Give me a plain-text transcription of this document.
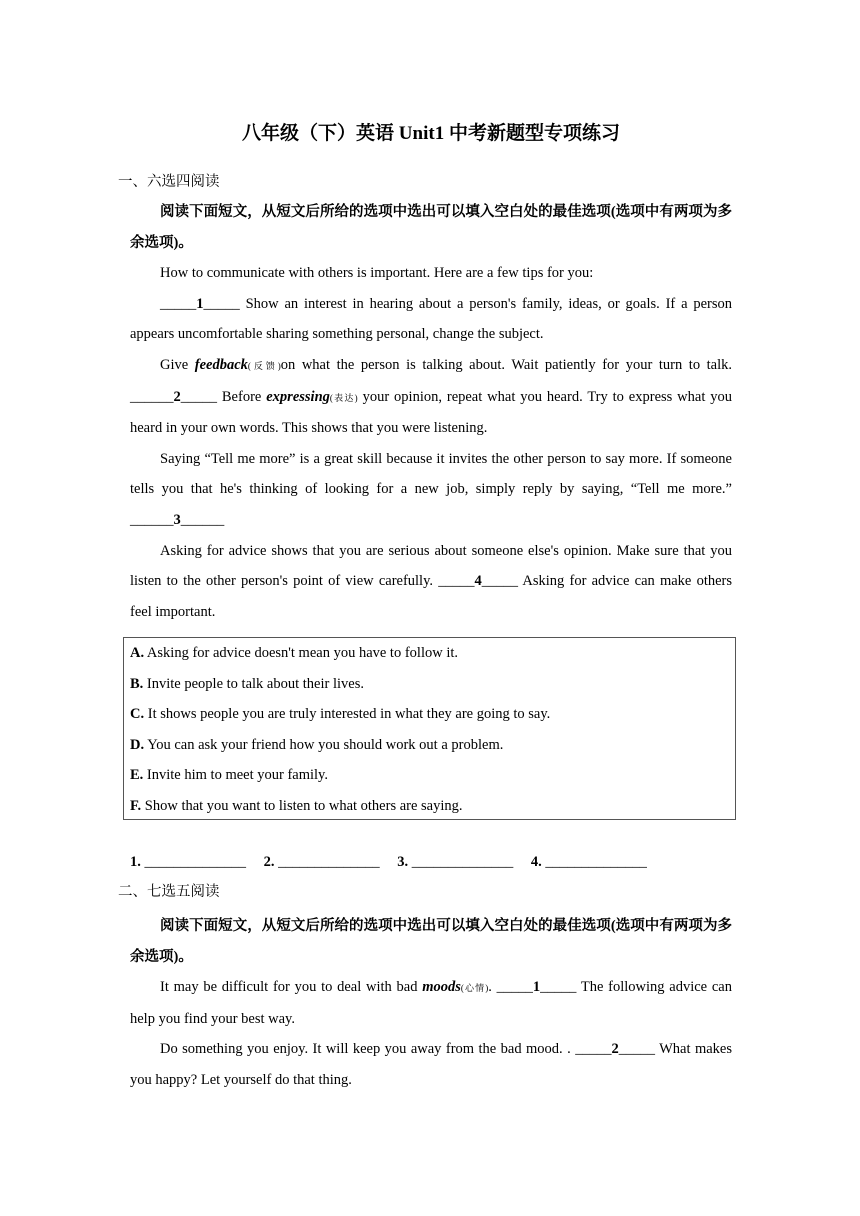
八年级（下）英语 Unit1 中考新题型专项练习

一、六选四阅读

阅读下面短文，从短文后所给的选项中选出可以填入空白处的最佳选项(选项中有两项为多余选项)。

How to communicate with others is important. Here are a few tips for you:

_____1_____ Show an interest in hearing about a person's family, ideas, or goals. If a person appears uncomfortable sharing something personal, change the subject.

Give feedback(反馈)on what the person is talking about. Wait patiently for your turn to talk. ______2_____ Before expressing(表达) your opinion, repeat what you heard. Try to express what you heard in your own words. This shows that you were listening.

Saying “Tell me more” is a great skill because it invites the other person to say more. If someone tells you that he's thinking of looking for a new job, simply reply by saying, “Tell me more.” ______3______

Asking for advice shows that you are serious about someone else's opinion. Make sure that you listen to the other person's point of view carefully. _____4_____ Asking for advice can make others feel important.

A. Asking for advice doesn't mean you have to follow it.

B. Invite people to talk about their lives.

C. It shows people you are truly interested in what they are going to say.

D. You can ask your friend how you should work out a problem.

E. Invite him to meet your family.

F. Show that you want to listen to what others are saying.

1. ______________ 2. ______________ 3. ______________ 4. ______________

二、七选五阅读

阅读下面短文，从短文后所给的选项中选出可以填入空白处的最佳选项(选项中有两项为多余选项)。

It may be difficult for you to deal with bad moods(心情). _____1_____ The following advice can help you find your best way.

Do something you enjoy. It will keep you away from the bad mood. . _____2_____ What makes you happy? Let yourself do that thing.
